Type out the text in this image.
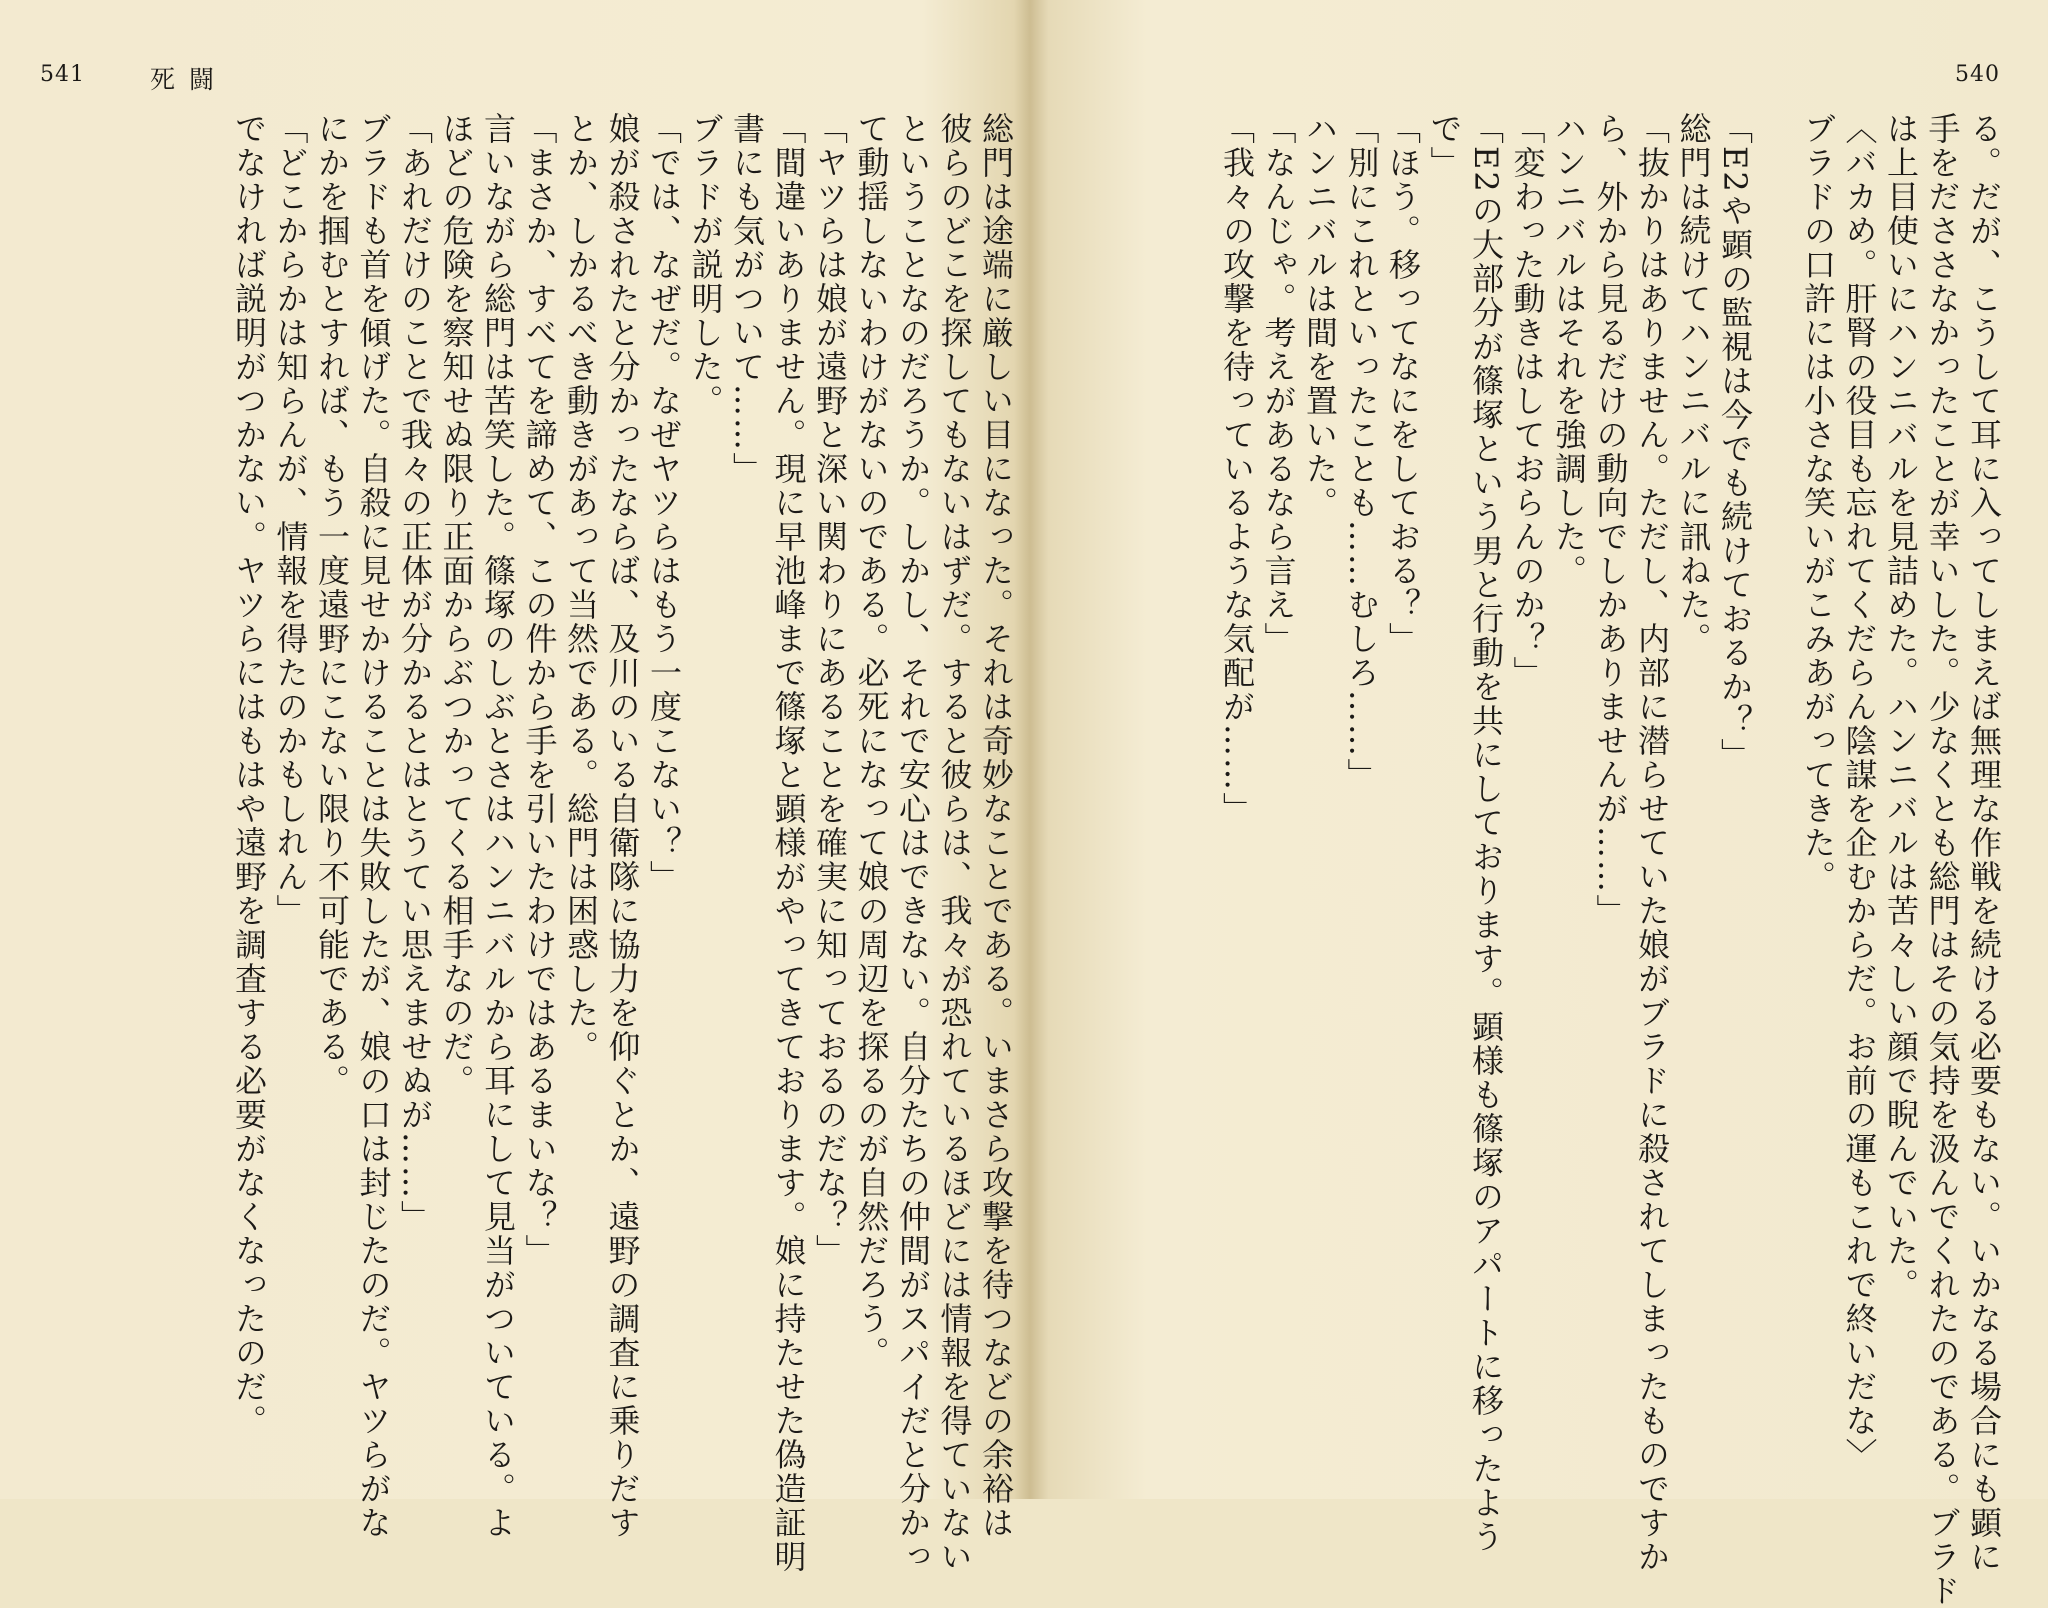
541	死闘
総門は途端に厳しい目になった。それは奇妙なことである。いまさら攻撃を待つなどの余裕は
彼らのどこを探してもないはずだ。すると彼らは、我々が恐れているほどには情報を得ていない
ということなのだろうか。しかし、それで安心はできない。自分たちの仲間がスパイだと分かっ
て動揺しないわけがないのである。必死になって娘の周辺を探るのが自然だろう。
「ヤツらは娘が遠野と深い関わりにあることを確実に知っておるのだな？」
「間違いありません。現に早池峰まで篠塚と顕様がやってきております。娘に持たせた偽造証明
書にも気がついて……」
ブラドが説明した。
「では、なぜだ。なぜヤツらはもう一度こない？」
娘が殺されたと分かったならば、及川のいる自衛隊に協力を仰ぐとか、遠野の調査に乗りだす
とか、しかるべき動きがあって当然である。総門は困惑した。
「まさか、すべてを諦めて、この件から手を引いたわけではあるまいな？」
言いながら総門は苦笑した。篠塚のしぶとさはハンニバルから耳にして見当がついている。よ
ほどの危険を察知せぬ限り正面からぶつかってくる相手なのだ。
「あれだけのことで我々の正体が分かるとはとうてい思えませぬが……」
ブラドも首を傾げた。自殺に見せかけることは失敗したが、娘の口は封じたのだ。ヤツらがな
にかを掴むとすれば、もう一度遠野にこない限り不可能である。
「どこからかは知らんが、情報を得たのかもしれん」
でなければ説明がつかない。ヤツらにはもはや遠野を調査する必要がなくなったのだ。
540
る。だが、こうして耳に入ってしまえば無理な作戦を続ける必要もない。いかなる場合にも顕に
手をだささなかったことが幸いした。少なくとも総門はその気持を汲んでくれたのである。ブラド
は上目使いにハンニバルを見詰めた。ハンニバルは苦々しい顔で睨んでいた。
〈バカめ。肝腎の役目も忘れてくだらん陰謀を企むからだ。お前の運もこれで終いだな〉
ブラドの口許には小さな笑いがこみあがってきた。
「E2や顕の監視は今でも続けておるか？」
総門は続けてハンニバルに訊ねた。
「抜かりはありません。ただし、内部に潜らせていた娘がブラドに殺されてしまったものですか
ら、外から見るだけの動向でしかありませんが……」
ハンニバルはそれを強調した。
「変わった動きはしておらんのか？」
「E2の大部分が篠塚という男と行動を共にしております。顕様も篠塚のアパートに移ったよう
で」
「ほう。移ってなにをしておる？」
「別にこれといったことも……むしろ……」
ハンニバルは間を置いた。
「なんじゃ。考えがあるなら言え」
「我々の攻撃を待っているような気配が……」
